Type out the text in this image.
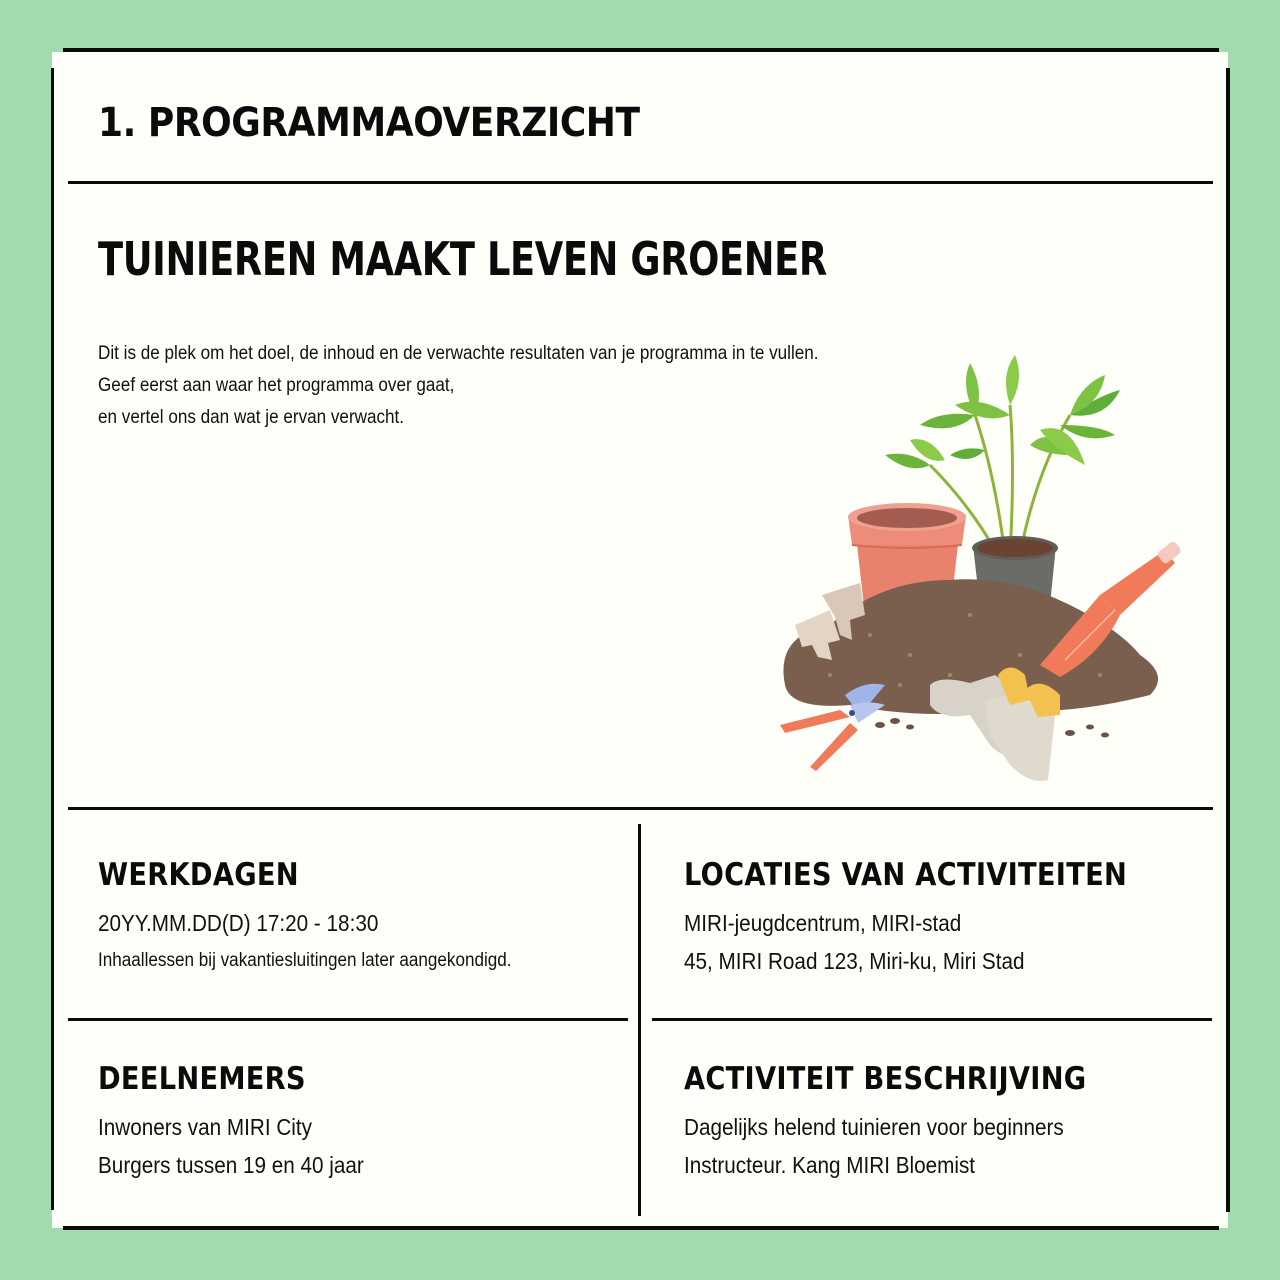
1. PROGRAMMAOVERZICHT
TUINIEREN MAAKT LEVEN GROENER
Dit is de plek om het doel, de inhoud en de verwachte resultaten van je programma in te vullen.
Geef eerst aan waar het programma over gaat,
en vertel ons dan wat je ervan verwacht.
WERKDAGEN
20YY.MM.DD(D) 17:20 - 18:30
Inhaallessen bij vakantiesluitingen later aangekondigd.
LOCATIES VAN ACTIVITEITEN
MIRI-jeugdcentrum, MIRI-stad
45, MIRI Road 123, Miri-ku, Miri Stad
DEELNEMERS
Inwoners van MIRI City
Burgers tussen 19 en 40 jaar
ACTIVITEIT BESCHRIJVING
Dagelijks helend tuinieren voor beginners
Instructeur. Kang MIRI Bloemist
